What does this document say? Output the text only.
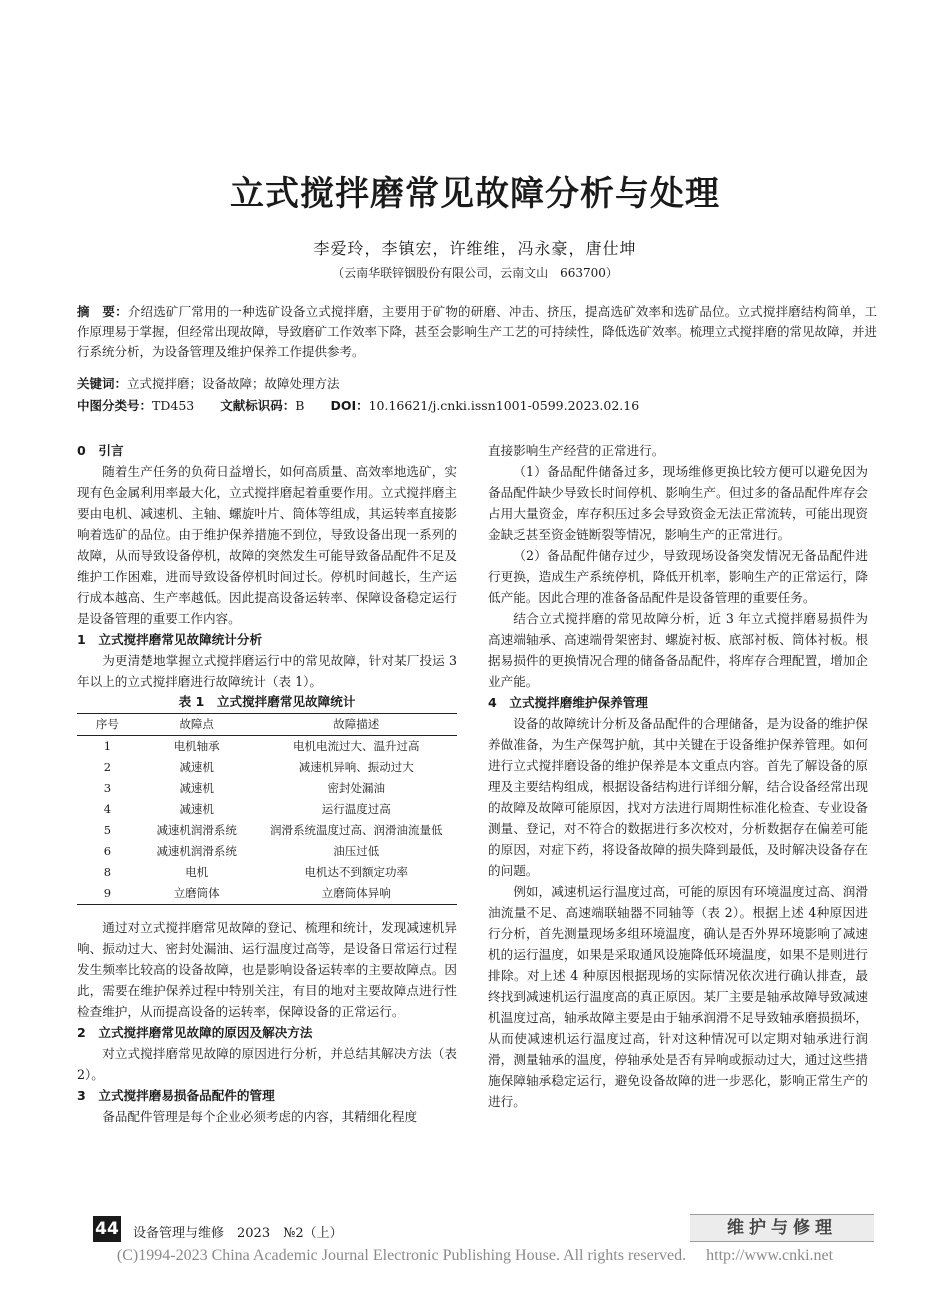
立式搅拌磨常见故障分析与处理
李爱玲，李镇宏，许维维，冯永豪，唐仕坤
（云南华联锌铟股份有限公司，云南文山　663700）
摘　要：介绍选矿厂常用的一种选矿设备立式搅拌磨，主要用于矿物的研磨、冲击、挤压，提高选矿效率和选矿品位。立式搅拌磨结构简单，工作原理易于掌握，但经常出现故障，导致磨矿工作效率下降，甚至会影响生产工艺的可持续性，降低选矿效率。梳理立式搅拌磨的常见故障，并进行系统分析，为设备管理及维护保养工作提供参考。
关键词：立式搅拌磨；设备故障；故障处理方法
中图分类号：TD453 文献标识码：B DOI：10.16621/j.cnki.issn1001-0599.2023.02.16
0　引言

随着生产任务的负荷日益增长，如何高质量、高效率地选矿，实现有色金属利用率最大化，立式搅拌磨起着重要作用。立式搅拌磨主要由电机、减速机、主轴、螺旋叶片、筒体等组成，其运转率直接影响着选矿的品位。由于维护保养措施不到位，导致设备出现一系列的故障，从而导致设备停机，故障的突然发生可能导致备品配件不足及维护工作困难，进而导致设备停机时间过长。停机时间越长，生产运行成本越高、生产率越低。因此提高设备运转率、保障设备稳定运行是设备管理的重要工作内容。

1　立式搅拌磨常见故障统计分析

为更清楚地掌握立式搅拌磨运行中的常见故障，针对某厂投运 3 年以上的立式搅拌磨进行故障统计（表 1）。

表 1　立式搅拌磨常见故障统计
序号	故障点	故障描述
1	电机轴承	电机电流过大、温升过高
2	减速机	减速机异响、振动过大
3	减速机	密封处漏油
4	减速机	运行温度过高
5	减速机润滑系统	润滑系统温度过高、润滑油流量低
6	减速机润滑系统	油压过低
8	电机	电机达不到额定功率
9	立磨筒体	立磨筒体异响

通过对立式搅拌磨常见故障的登记、梳理和统计，发现减速机异响、振动过大、密封处漏油、运行温度过高等，是设备日常运行过程发生频率比较高的设备故障，也是影响设备运转率的主要故障点。因此，需要在维护保养过程中特别关注，有目的地对主要故障点进行性检查维护，从而提高设备的运转率，保障设备的正常运行。

2　立式搅拌磨常见故障的原因及解决方法

对立式搅拌磨常见故障的原因进行分析，并总结其解决方法（表 2）。

3　立式搅拌磨易损备品配件的管理

备品配件管理是每个企业必须考虑的内容，其精细化程度

直接影响生产经营的正常进行。

（1）备品配件储备过多，现场维修更换比较方便可以避免因为备品配件缺少导致长时间停机、影响生产。但过多的备品配件库存会占用大量资金，库存积压过多会导致资金无法正常流转，可能出现资金缺乏甚至资金链断裂等情况，影响生产的正常进行。

（2）备品配件储存过少，导致现场设备突发情况无备品配件进行更换，造成生产系统停机，降低开机率，影响生产的正常运行，降低产能。因此合理的准备备品配件是设备管理的重要任务。

结合立式搅拌磨的常见故障分析，近 3 年立式搅拌磨易损件为高速端轴承、高速端骨架密封、螺旋衬板、底部衬板、筒体衬板。根据易损件的更换情况合理的储备备品配件，将库存合理配置，增加企业产能。

4　立式搅拌磨维护保养管理

设备的故障统计分析及备品配件的合理储备，是为设备的维护保养做准备，为生产保驾护航，其中关键在于设备维护保养管理。如何进行立式搅拌磨设备的维护保养是本文重点内容。首先了解设备的原理及主要结构组成，根据设备结构进行详细分解，结合设备经常出现的故障及故障可能原因，找对方法进行周期性标准化检查、专业设备测量、登记，对不符合的数据进行多次校对，分析数据存在偏差可能的原因，对症下药，将设备故障的损失降到最低，及时解决设备存在的问题。

例如，减速机运行温度过高，可能的原因有环境温度过高、润滑油流量不足、高速端联轴器不同轴等（表 2）。根据上述 4种原因进行分析，首先测量现场多组环境温度，确认是否外界环境影响了减速机的运行温度，如果是采取通风设施降低环境温度，如果不是则进行排除。对上述 4 种原因根据现场的实际情况依次进行确认排查，最终找到减速机运行温度高的真正原因。某厂主要是轴承故障导致减速机温度过高，轴承故障主要是由于轴承润滑不足导致轴承磨损损坏，从而使减速机运行温度过高，针对这种情况可以定期对轴承进行润滑，测量轴承的温度，停轴承处是否有异响或振动过大，通过这些措施保障轴承稳定运行，避免设备故障的进一步恶化，影响正常生产的进行。

44 设备管理与维修　2023　№2（上）	维护与修理
(C)1994-2023 China Academic Journal Electronic Publishing House. All rights reserved.　 http://www.cnki.net
